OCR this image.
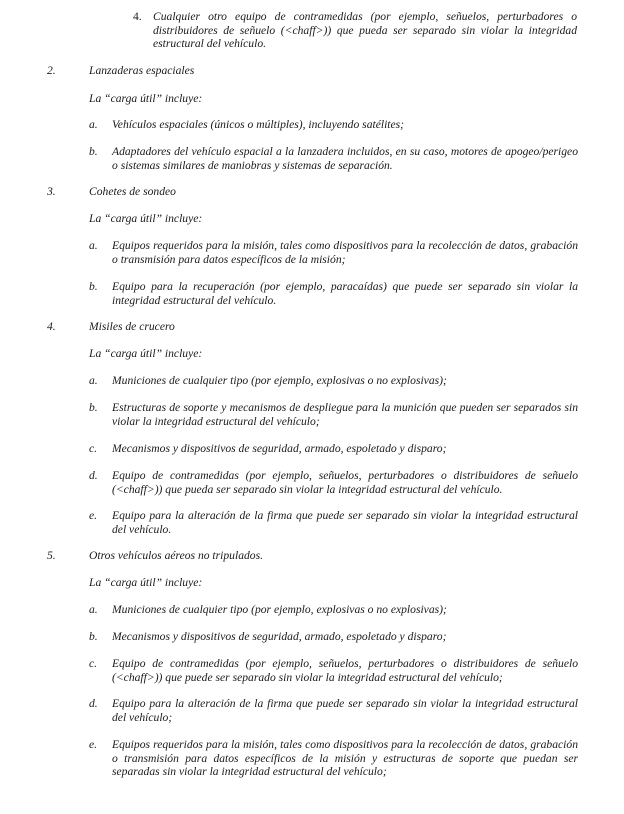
4. Cualquier otro equipo de contramedidas (por ejemplo, señuelos, perturbadores o distribuidores de señuelo (<chaff>)) que pueda ser separado sin violar la integridad estructural del vehículo.
2.	Lanzaderas espaciales
La “carga útil” incluye:
a. Vehículos espaciales (únicos o múltiples), incluyendo satélites;
b. Adaptadores del vehículo espacial a la lanzadera incluidos, en su caso, motores de apogeo/perigeo o sistemas similares de maniobras y sistemas de separación.
3.	Cohetes de sondeo
La “carga útil” incluye:
a. Equipos requeridos para la misión, tales como dispositivos para la recolección de datos, grabación o transmisión para datos específicos de la misión;
b. Equipo para la recuperación (por ejemplo, paracaídas) que puede ser separado sin violar la integridad estructural del vehículo.
4.	Misiles de crucero
La “carga útil” incluye:
a. Municiones de cualquier tipo (por ejemplo, explosivas o no explosivas);
b. Estructuras de soporte y mecanismos de despliegue para la munición que pueden ser separados sin violar la integridad estructural del vehículo;
c. Mecanismos y dispositivos de seguridad, armado, espoletado y disparo;
d. Equipo de contramedidas (por ejemplo, señuelos, perturbadores o distribuidores de señuelo (<chaff>)) que pueda ser separado sin violar la integridad estructural del vehículo.
e. Equipo para la alteración de la firma que puede ser separado sin violar la integridad estructural del vehículo.
5.	Otros vehículos aéreos no tripulados.
La “carga útil” incluye:
a. Municiones de cualquier tipo (por ejemplo, explosivas o no explosivas);
b. Mecanismos y dispositivos de seguridad, armado, espoletado y disparo;
c. Equipo de contramedidas (por ejemplo, señuelos, perturbadores o distribuidores de señuelo (<chaff>)) que puede ser separado sin violar la integridad estructural del vehículo;
d. Equipo para la alteración de la firma que puede ser separado sin violar la integridad estructural del vehículo;
e. Equipos requeridos para la misión, tales como dispositivos para la recolección de datos, grabación o transmisión para datos específicos de la misión y estructuras de soporte que puedan ser separadas sin violar la integridad estructural del vehículo;
